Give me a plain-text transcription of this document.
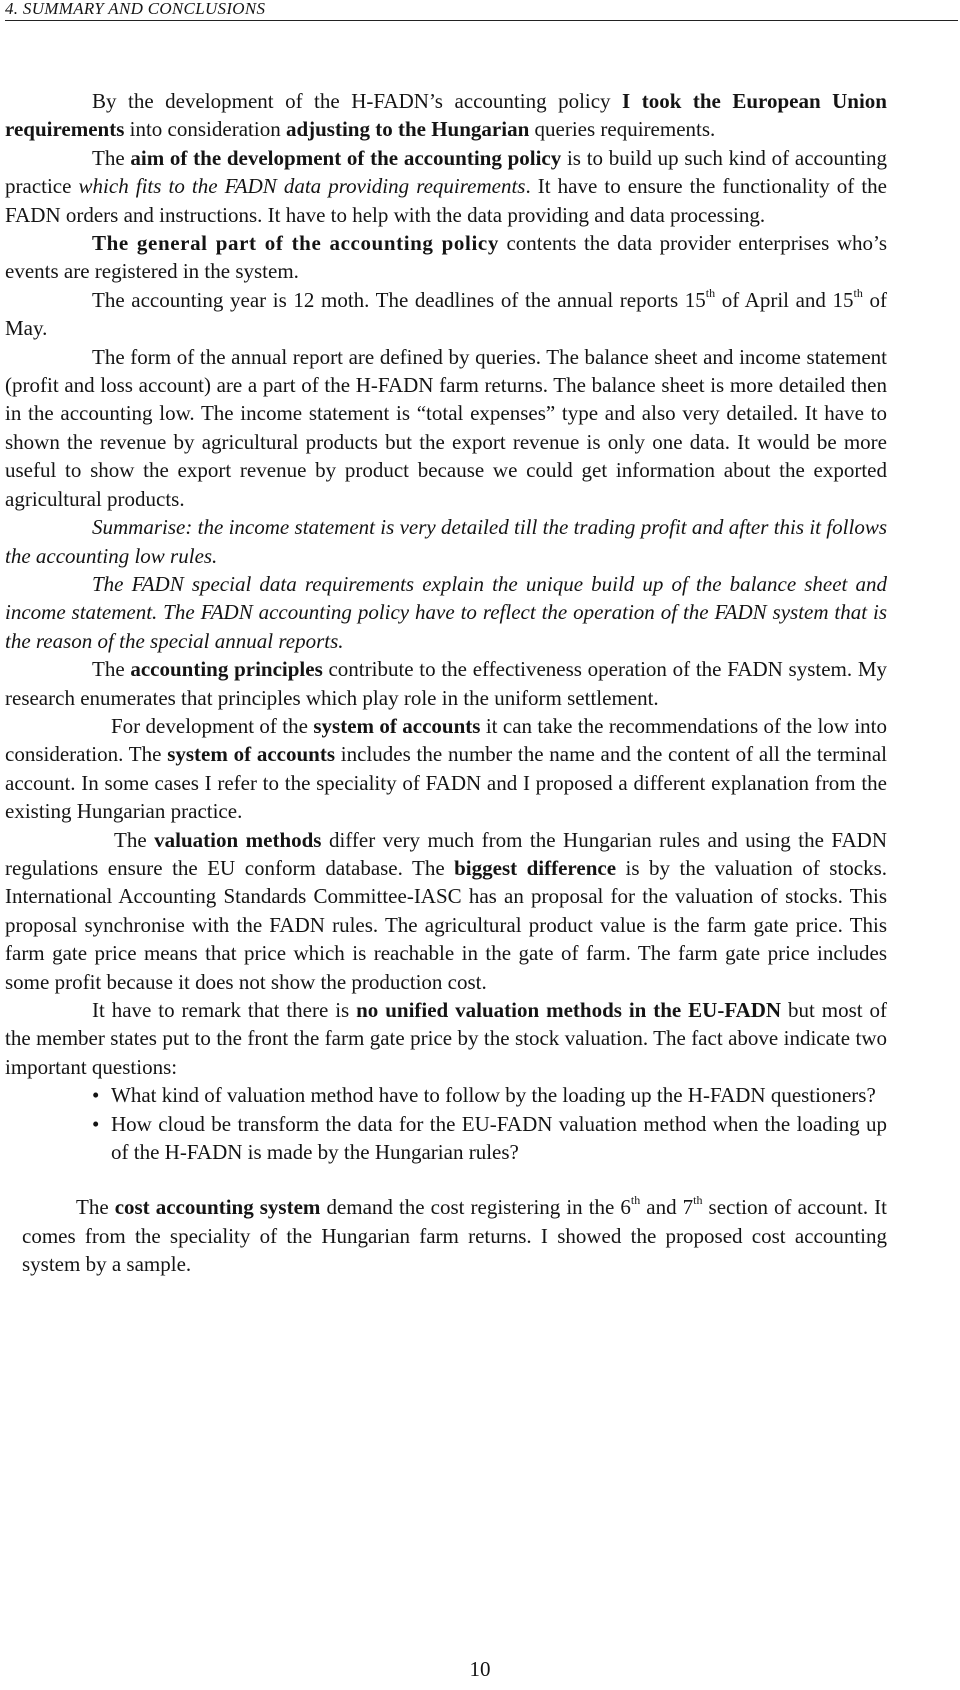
4. SUMMARY AND CONCLUSIONS

By the development of the H-FADN’s accounting policy I took the European Union requirements into consideration adjusting to the Hungarian queries requirements.

The aim of the development of the accounting policy is to build up such kind of accounting practice which fits to the FADN data providing requirements. It have to ensure the functionality of the FADN orders and instructions. It have to help with the data providing and data processing.

The general part of the accounting policy contents the data provider enterprises who’s events are registered in the system.

The accounting year is 12 moth. The deadlines of the annual reports 15th of April and 15th of May.

The form of the annual report are defined by queries. The balance sheet and income statement (profit and loss account) are a part of the H-FADN farm returns. The balance sheet is more detailed then in the accounting low. The income statement is “total expenses” type and also very detailed. It have to shown the revenue by agricultural products but the export revenue is only one data. It would be more useful to show the export revenue by product because we could get information about the exported agricultural products.

Summarise: the income statement is very detailed till the trading profit and after this it follows the accounting low rules.

The FADN special data requirements explain the unique build up of the balance sheet and income statement. The FADN accounting policy have to reflect the operation of the FADN system that is the reason of the special annual reports.

The accounting principles contribute to the effectiveness operation of the FADN system. My research enumerates that principles which play role in the uniform settlement.

For development of the system of accounts it can take the recommendations of the low into consideration. The system of accounts includes the number the name and the content of all the terminal account. In some cases I refer to the speciality of FADN and I proposed a different explanation from the existing Hungarian practice.

The valuation methods differ very much from the Hungarian rules and using the FADN regulations ensure the EU conform database. The biggest difference is by the valuation of stocks. International Accounting Standards Committee-IASC has an proposal for the valuation of stocks. This proposal synchronise with the FADN rules. The agricultural product value is the farm gate price. This farm gate price means that price which is reachable in the gate of farm. The farm gate price includes some profit because it does not show the production cost.

It have to remark that there is no unified valuation methods in the EU-FADN but most of the member states put to the front the farm gate price by the stock valuation. The fact above indicate two important questions:

• What kind of valuation method have to follow by the loading up the H-FADN questioners?
• How cloud be transform the data for the EU-FADN valuation method when the loading up of the H-FADN is made by the Hungarian rules?

The cost accounting system demand the cost registering in the 6th and 7th section of account. It comes from the speciality of the Hungarian farm returns. I showed the proposed cost accounting system by a sample.

10
